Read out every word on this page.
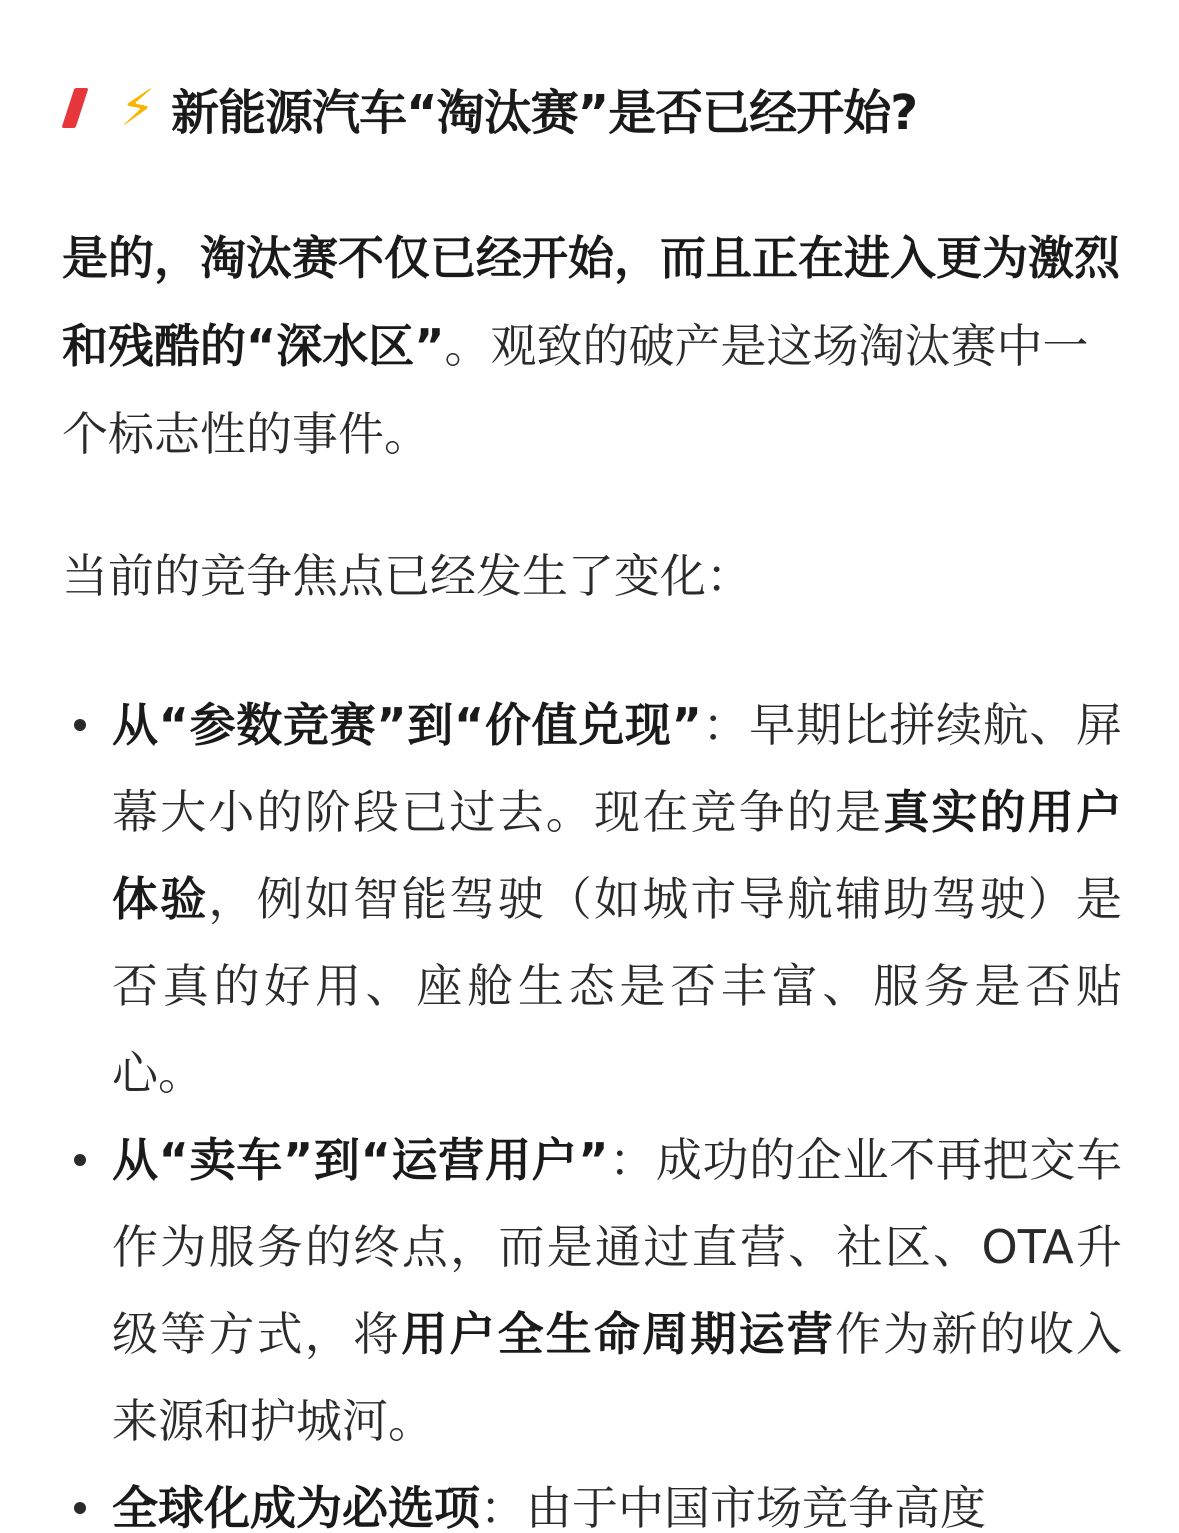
⚡ 新能源汽车“淘汰赛”是否已经开始?

是的，淘汰赛不仅已经开始，而且正在进入更为激烈和残酷的“深水区”。观致的破产是这场淘汰赛中一个标志性的事件。

当前的竞争焦点已经发生了变化：

从“参数竞赛”到“价值兑现”：早期比拼续航、屏幕大小的阶段已过去。现在竞争的是真实的用户体验，例如智能驾驶（如城市导航辅助驾驶）是否真的好用、座舱生态是否丰富、服务是否贴心。
从“卖车”到“运营用户”：成功的企业不再把交车作为服务的终点，而是通过直营、社区、OTA升级等方式，将用户全生命周期运营作为新的收入来源和护城河。
全球化成为必选项：由于中国市场竞争高度
